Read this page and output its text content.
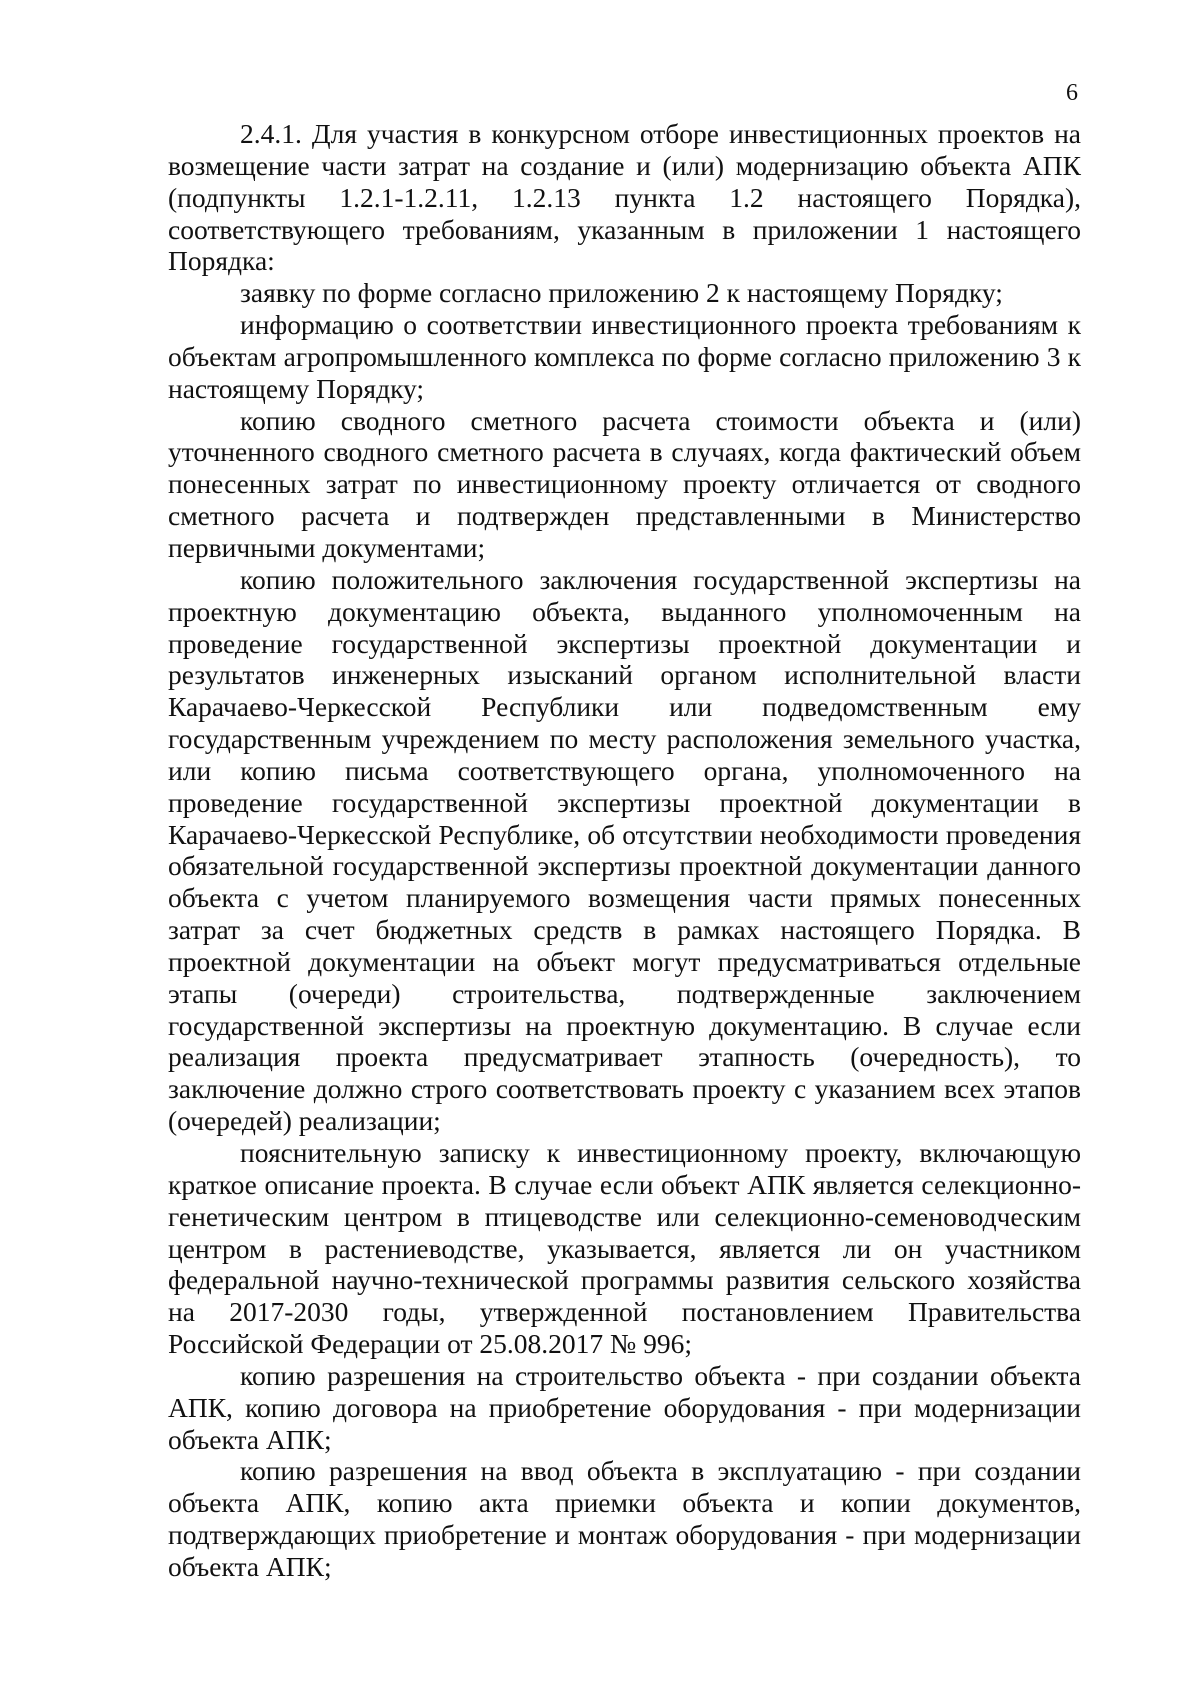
6

2.4.1. Для участия в конкурсном отборе инвестиционных проектов на возмещение части затрат на создание и (или) модернизацию объекта АПК (подпункты 1.2.1-1.2.11, 1.2.13 пункта 1.2 настоящего Порядка), соответствующего требованиям, указанным в приложении 1 настоящего Порядка:

заявку по форме согласно приложению 2 к настоящему Порядку;

информацию о соответствии инвестиционного проекта требованиям к объектам агропромышленного комплекса по форме согласно приложению 3 к настоящему Порядку;

копию сводного сметного расчета стоимости объекта и (или) уточненного сводного сметного расчета в случаях, когда фактический объем понесенных затрат по инвестиционному проекту отличается от сводного сметного расчета и подтвержден представленными в Министерство первичными документами;

копию положительного заключения государственной экспертизы на проектную документацию объекта, выданного уполномоченным на проведение государственной экспертизы проектной документации и результатов инженерных изысканий органом исполнительной власти Карачаево-Черкесской Республики или подведомственным ему государственным учреждением по месту расположения земельного участка, или копию письма соответствующего органа, уполномоченного на проведение государственной экспертизы проектной документации в Карачаево-Черкесской Республике, об отсутствии необходимости проведения обязательной государственной экспертизы проектной документации данного объекта с учетом планируемого возмещения части прямых понесенных затрат за счет бюджетных средств в рамках настоящего Порядка. В проектной документации на объект могут предусматриваться отдельные этапы (очереди) строительства, подтвержденные заключением государственной экспертизы на проектную документацию. В случае если реализация проекта предусматривает этапность (очередность), то заключение должно строго соответствовать проекту с указанием всех этапов (очередей) реализации;

пояснительную записку к инвестиционному проекту, включающую краткое описание проекта. В случае если объект АПК является селекционно-генетическим центром в птицеводстве или селекционно-семеноводческим центром в растениеводстве, указывается, является ли он участником федеральной научно-технической программы развития сельского хозяйства на 2017-2030 годы, утвержденной постановлением Правительства Российской Федерации от 25.08.2017 № 996;

копию разрешения на строительство объекта - при создании объекта АПК, копию договора на приобретение оборудования - при модернизации объекта АПК;

копию разрешения на ввод объекта в эксплуатацию - при создании объекта АПК, копию акта приемки объекта и копии документов, подтверждающих приобретение и монтаж оборудования - при модернизации объекта АПК;
